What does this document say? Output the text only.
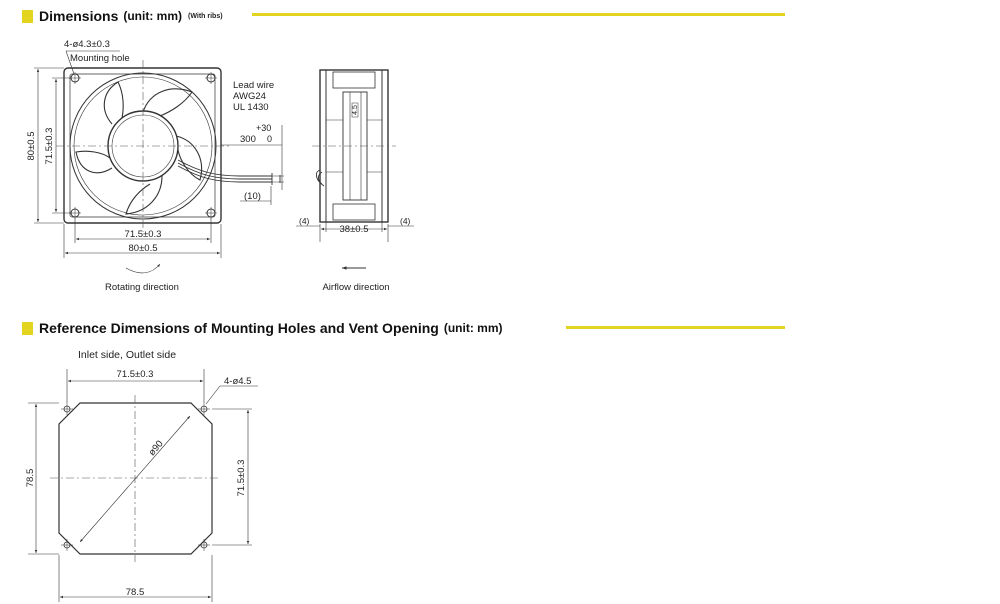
Dimensions (unit: mm) (With ribs)
Reference Dimensions of Mounting Holes and Vent Opening (unit: mm)
4-ø4.3±0.3
Mounting hole
Lead wire
AWG24
UL 1430
+30
300 0
(10)
80±0.5 71.5±0.3
71.5±0.3
80±0.5
Rotating direction
38±0.5
(4)	(4)
4.5
Airflow direction
Inlet side, Outlet side
71.5±0.3
4-ø4.5
ø90
78.5	71.5±0.3
78.5
